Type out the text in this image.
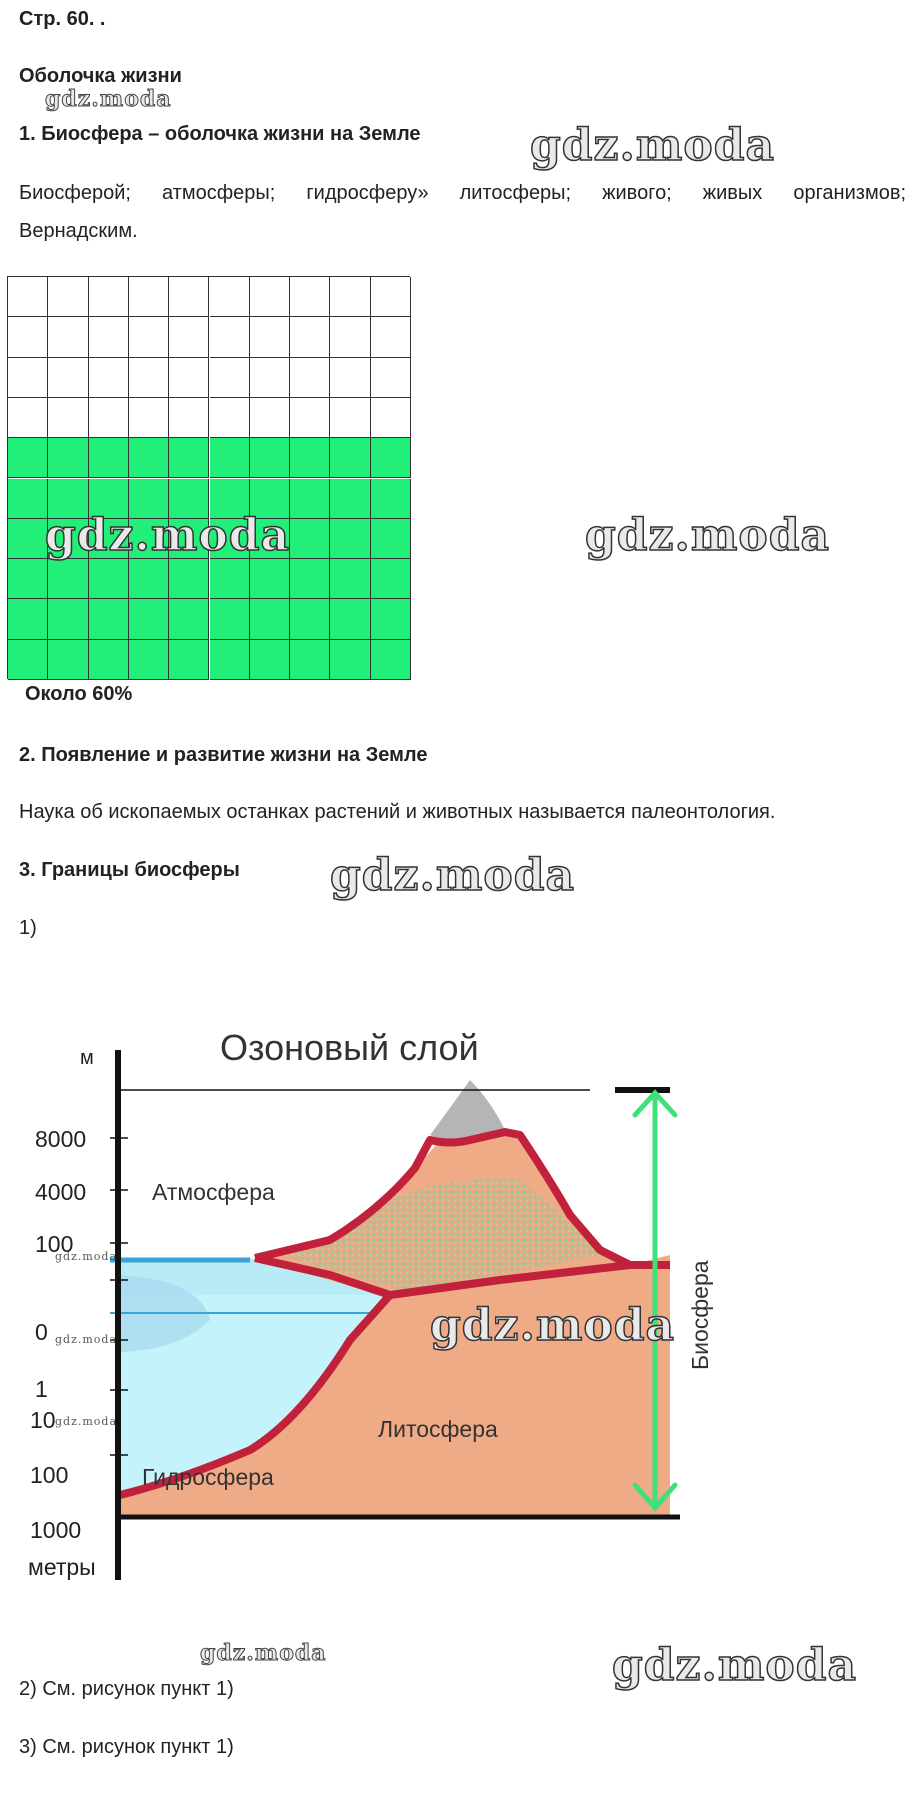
Стр. 60. .
Оболочка жизни
1. Биосфера – оболочка жизни на Земле
Биосферой; атмосферы; гидросферу» литосферы; живого; живых организмов;
Вернадским.
Около 60%
2. Появление и развитие жизни на Земле
Наука об ископаемых останках растений и животных называется палеонтология.
3. Границы биосферы
1)
м	Озоновый слой
8000
4000
100
0
1
10
100
1000
метры
Атмосфера
Литосфера
Гидросфера
Биосфера
2) См. рисунок пункт 1)
3) См. рисунок пункт 1)
gdz.moda
gdz.moda
gdz.moda	gdz.moda
gdz.moda
gdz.moda
gdz.moda
gdz.moda
gdz.moda
gdz.moda	gdz.moda
